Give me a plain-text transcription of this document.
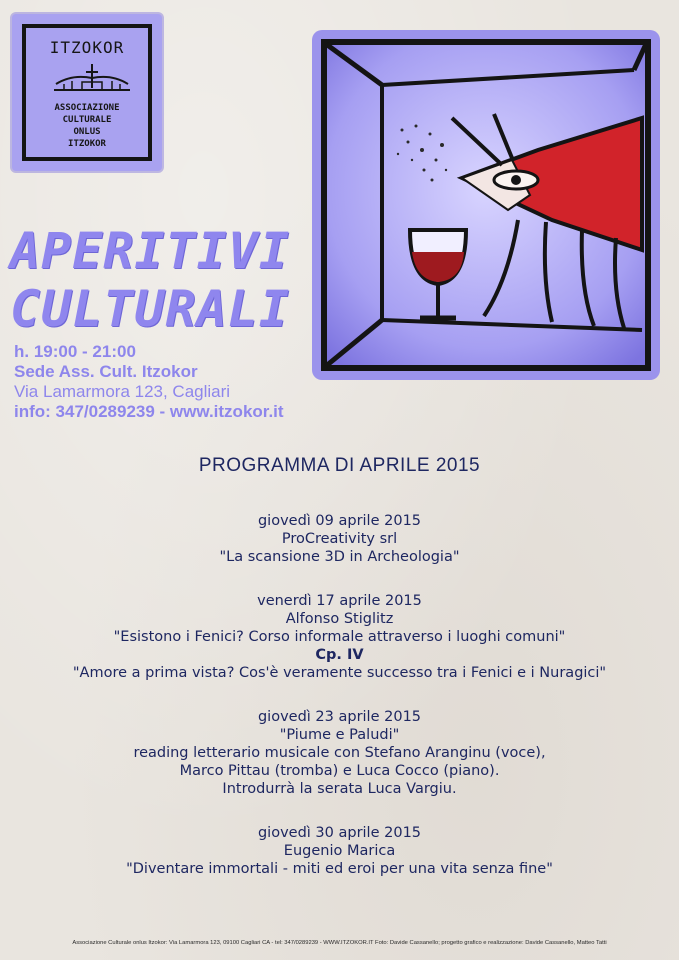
ITZOKOR
ASSOCIAZIONE
CULTURALE
ONLUS
ITZOKOR
APERITIVI
CULTURALI
h. 19:00 - 21:00
Sede Ass. Cult. Itzokor
Via Lamarmora 123, Cagliari
info: 347/0289239 - www.itzokor.it
PROGRAMMA DI APRILE 2015
giovedì 09 aprile 2015
ProCreativity srl
"La scansione 3D in Archeologia"
venerdì 17 aprile 2015
Alfonso Stiglitz
"Esistono i Fenici? Corso informale attraverso i luoghi comuni"
Cp. IV
"Amore a prima vista? Cos'è veramente successo tra i Fenici e i Nuragici"
giovedì 23 aprile 2015
"Piume e Paludi"
reading letterario musicale con Stefano Aranginu (voce),
Marco Pittau (tromba) e Luca Cocco (piano).
Introdurrà la serata Luca Vargiu.
giovedì 30 aprile 2015
Eugenio Marica
"Diventare immortali - miti ed eroi per una vita senza fine"
Associazione Culturale onlus Itzokor: Via Lamarmora 123, 09100 Cagliari CA - tel: 347/0289239 - WWW.ITZOKOR.IT Foto: Davide Cassanello; progetto grafico e realizzazione: Davide Cassanello, Matteo Tatti
